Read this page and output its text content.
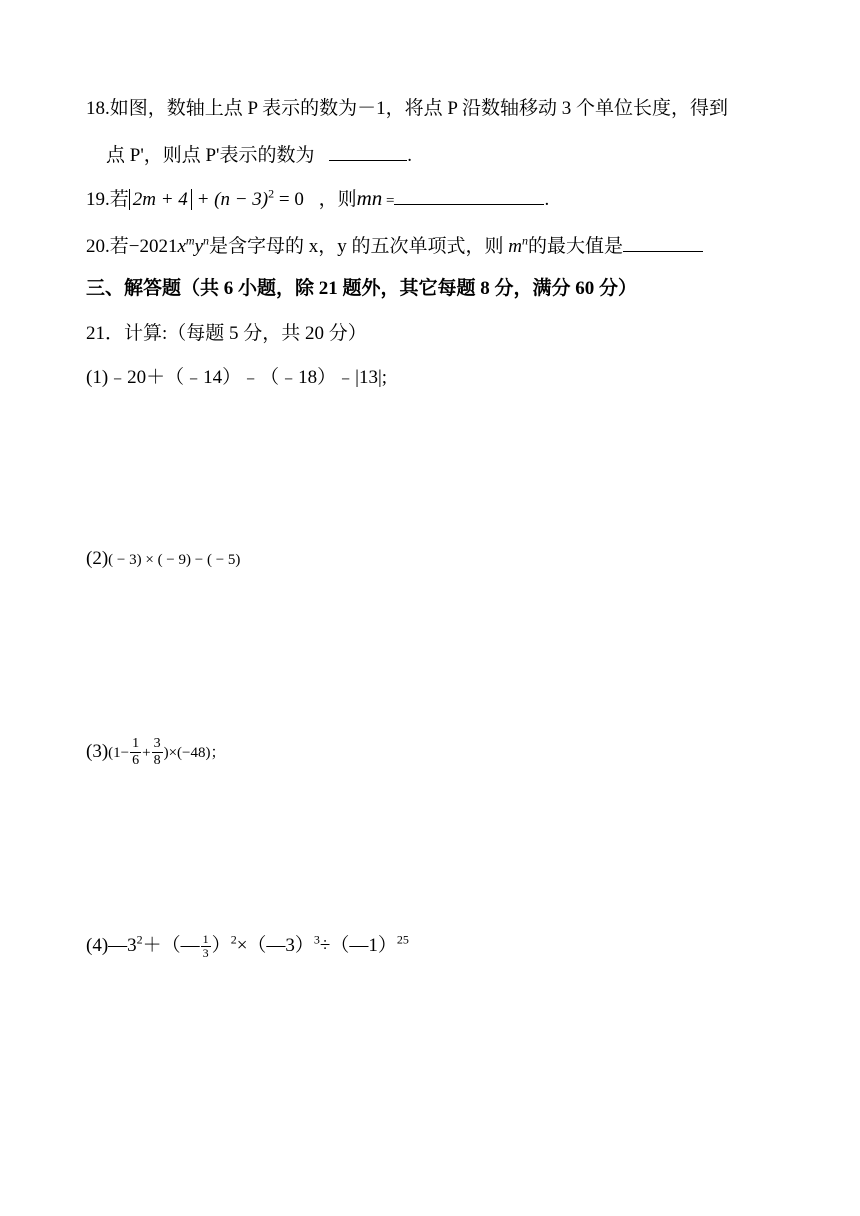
18.如图，数轴上点 P 表示的数为－1，将点 P 沿数轴移动 3 个单位长度，得到
点 P'，则点 P'表示的数为	.
19.若 $2m + 4 + (n - 3)^2 = 0$ ，则mn =	.
20.若$-2021x^my^n$是含字母的 x，y 的五次单项式，则 $m^n$的最大值是
三、解答题（共 6 小题，除 21 题外，其它每题 8 分，满分 60 分）
21．计算:（每题 5 分，共 20 分）
(1)﹣20＋（﹣14）﹣（﹣18）﹣|13|;
(2)( − 3) × ( − 9) − ( − 5)
$(3)(1- \frac{1}{6} + \frac{3}{8} )\times(-48)$；
$(4)—3^2+(— \frac{1}{3}$ ）$^2$×（—3）$^3$÷（—1）$^{25}$
